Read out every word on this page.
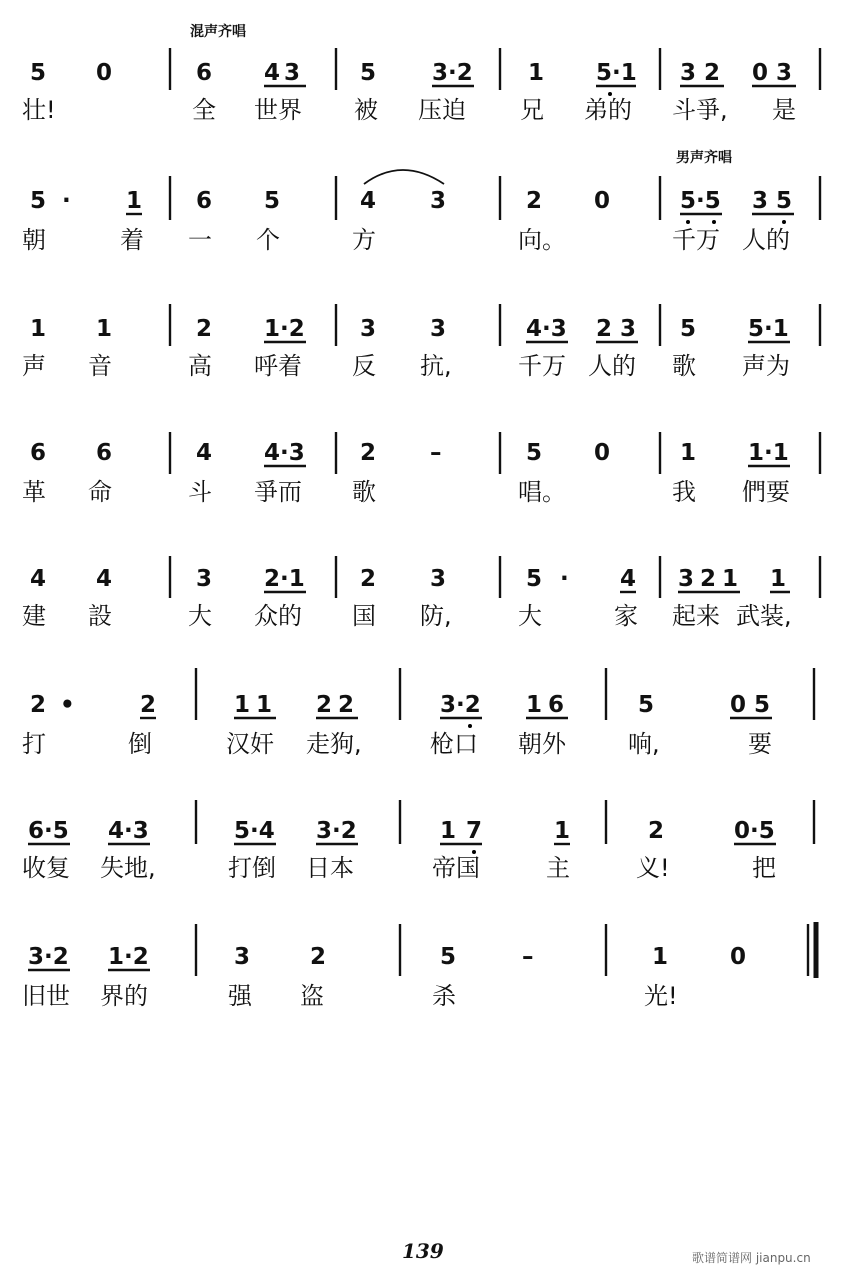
混声齐唱
男声齐唱
5 0	6 4 3	5 3·2 1 5·1 3 2 0 3
壮!	全 世界 被 压迫 兄 弟的 斗爭, 是
5 · 1 6 5	4 3	2 0	5·5 3 5
朝	着 一 个	方	向。	千万 人的
1 1	2 1·2 3 3	4·3 2 3 5 5·1
声 音	高 呼着 反 抗,	千万 人的 歌 声为
6 6	4 4·3 2 –	5 0	1 1·1
革 命	斗 爭而 歌	唱。	我 們要
4 4	3 2·1 2 3	5 · 4 3 2 1 1
建 設	大 众的 国 防,	大	家 起来 武装,
2 •	2	1 1 2 2	3·2 1 6	5	0 5
打	倒	汉奸 走狗,	枪口 朝外	响,	要
6·5 4·3	5·4 3·2	1 7	1	2	0·5
收复 失地,	打倒 日本	帝国	主	义!	把
3·2 1·2	3	2	5	–	1	0
旧世 界的	强 盗	杀	光!
139	歌谱简谱网 jianpu.cn
